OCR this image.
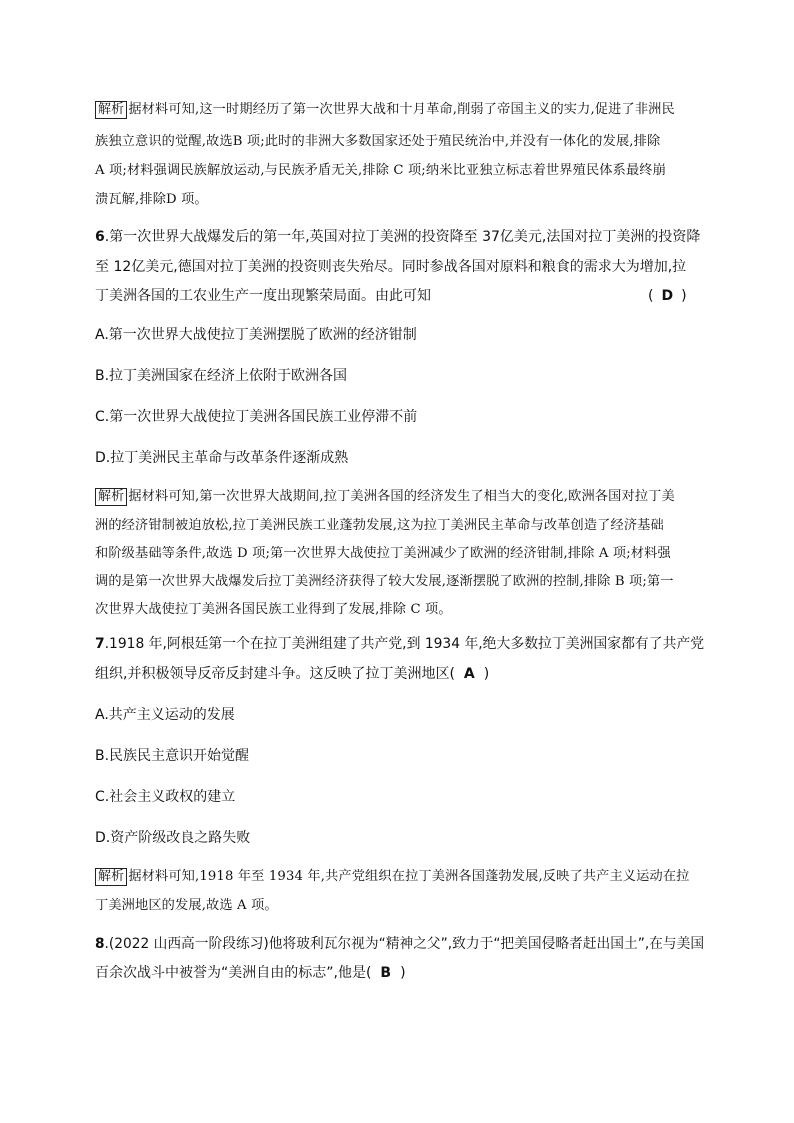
解析 据材料可知,这一时期经历了第一次世界大战和十月革命,削弱了帝国主义的实力,促进了非洲民
族独立意识的觉醒,故选B 项;此时的非洲大多数国家还处于殖民统治中,并没有一体化的发展,排除
A 项;材料强调民族解放运动,与民族矛盾无关,排除 C 项;纳米比亚独立标志着世界殖民体系最终崩
溃瓦解,排除D 项。
6.第一次世界大战爆发后的第一年,英国对拉丁美洲的投资降至 37亿美元,法国对拉丁美洲的投资降
至 12亿美元,德国对拉丁美洲的投资则丧失殆尽。同时参战各国对原料和粮食的需求大为增加,拉
丁美洲各国的工农业生产一度出现繁荣局面。由此可知	( D )
A.第一次世界大战使拉丁美洲摆脱了欧洲的经济钳制
B.拉丁美洲国家在经济上依附于欧洲各国
C.第一次世界大战使拉丁美洲各国民族工业停滞不前
D.拉丁美洲民主革命与改革条件逐渐成熟
解析 据材料可知,第一次世界大战期间,拉丁美洲各国的经济发生了相当大的变化,欧洲各国对拉丁美
洲的经济钳制被迫放松,拉丁美洲民族工业蓬勃发展,这为拉丁美洲民主革命与改革创造了经济基础
和阶级基础等条件,故选 D 项;第一次世界大战使拉丁美洲减少了欧洲的经济钳制,排除 A 项;材料强
调的是第一次世界大战爆发后拉丁美洲经济获得了较大发展,逐渐摆脱了欧洲的控制,排除 B 项;第一
次世界大战使拉丁美洲各国民族工业得到了发展,排除 C 项。
7.1918 年,阿根廷第一个在拉丁美洲组建了共产党,到 1934 年,绝大多数拉丁美洲国家都有了共产党
组织,并积极领导反帝反封建斗争。这反映了拉丁美洲地区( A )
A.共产主义运动的发展
B.民族民主意识开始觉醒
C.社会主义政权的建立
D.资产阶级改良之路失败
解析 据材料可知,1918 年至 1934 年,共产党组织在拉丁美洲各国蓬勃发展,反映了共产主义运动在拉
丁美洲地区的发展,故选 A 项。
8.(2022 山西高一阶段练习)他将玻利瓦尔视为“精神之父”,致力于“把美国侵略者赶出国土”,在与美国
百余次战斗中被誉为“美洲自由的标志”,他是( B )
